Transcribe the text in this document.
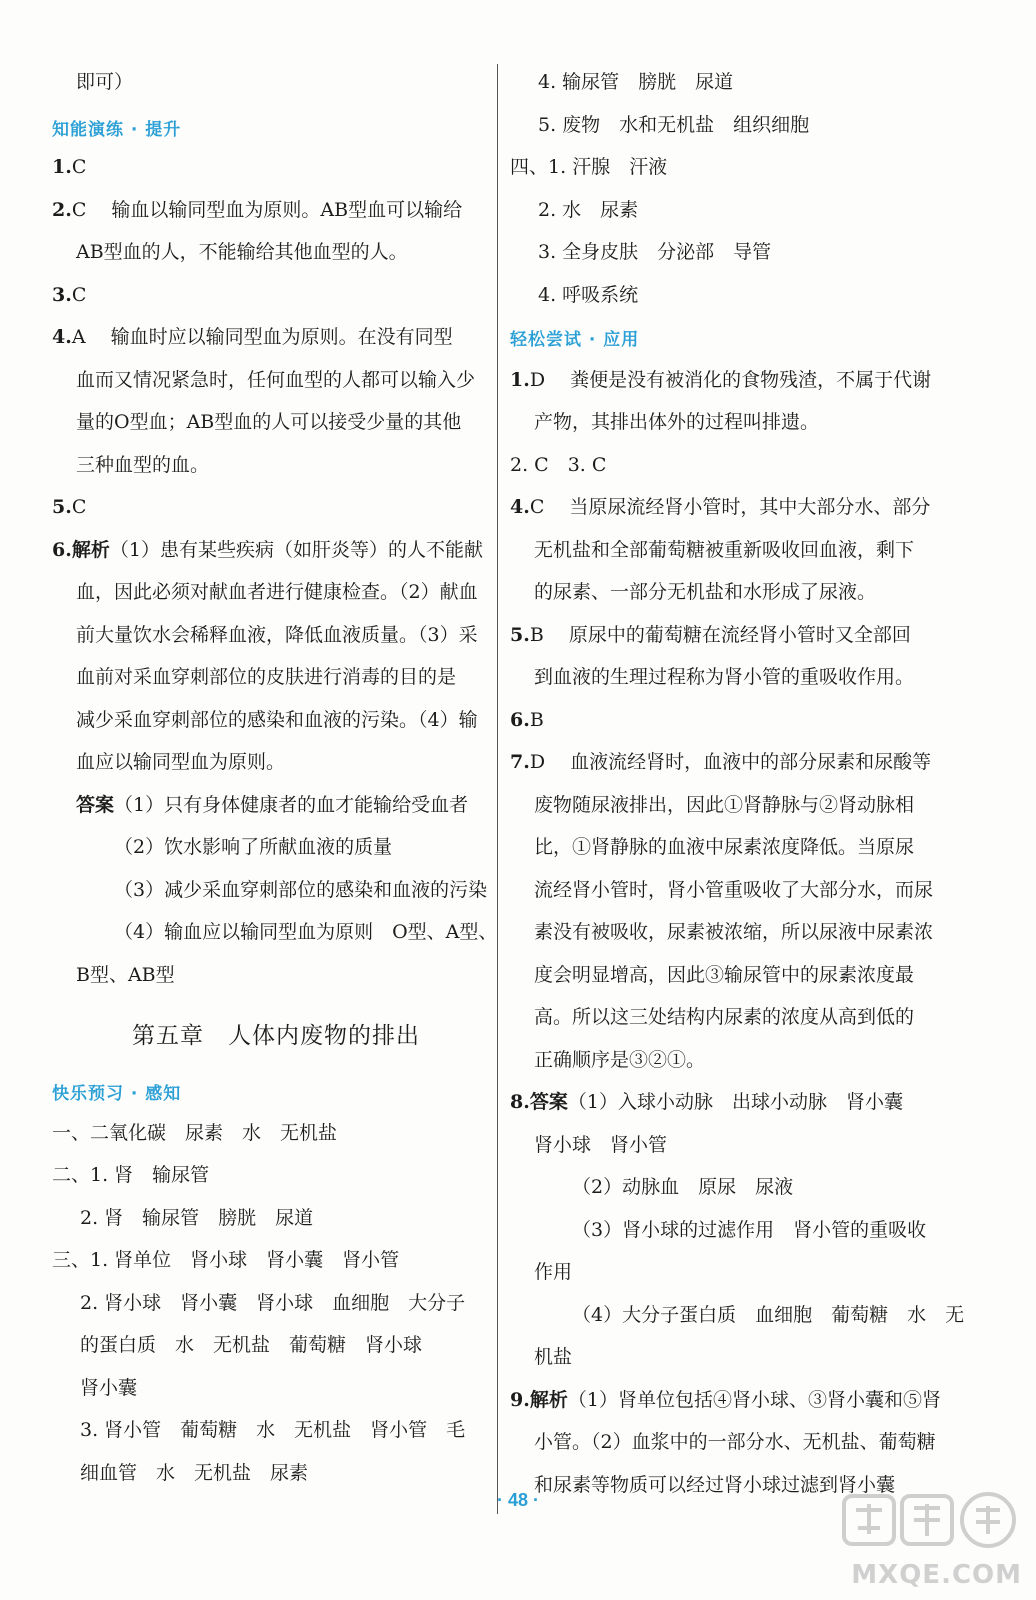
即可）
知能演练 · 提升
1.C
2.C　 输血以输同型血为原则。AB型血可以输给
AB型血的人，不能输给其他血型的人。
3.C
4.A　 输血时应以输同型血为原则。在没有同型
血而又情况紧急时，任何血型的人都可以输入少
量的O型血；AB型血的人可以接受少量的其他
三种血型的血。
5.C
6.解析（1）患有某些疾病（如肝炎等）的人不能献
血，因此必须对献血者进行健康检查。（2）献血
前大量饮水会稀释血液，降低血液质量。（3）采
血前对采血穿刺部位的皮肤进行消毒的目的是
减少采血穿刺部位的感染和血液的污染。（4）输
血应以输同型血为原则。
答案（1）只有身体健康者的血才能输给受血者
（2）饮水影响了所献血液的质量
（3）减少采血穿刺部位的感染和血液的污染
（4）输血应以输同型血为原则　O型、A型、
B型、AB型
第五章　人体内废物的排出
快乐预习 · 感知
一、二氧化碳　尿素　水　无机盐
二、1. 肾　输尿管
2. 肾　输尿管　膀胱　尿道
三、1. 肾单位　肾小球　肾小囊　肾小管
2. 肾小球　肾小囊　肾小球　血细胞　大分子
的蛋白质　水　无机盐　葡萄糖　肾小球
肾小囊
3. 肾小管　葡萄糖　水　无机盐　肾小管　毛
细血管　水　无机盐　尿素
4. 输尿管　膀胱　尿道
5. 废物　水和无机盐　组织细胞
四、1. 汗腺　汗液
2. 水　尿素
3. 全身皮肤　分泌部　导管
4. 呼吸系统
轻松尝试 · 应用
1.D　 粪便是没有被消化的食物残渣，不属于代谢
产物，其排出体外的过程叫排遗。
2. C　3. C
4.C　 当原尿流经肾小管时，其中大部分水、部分
无机盐和全部葡萄糖被重新吸收回血液，剩下
的尿素、一部分无机盐和水形成了尿液。
5.B　 原尿中的葡萄糖在流经肾小管时又全部回
到血液的生理过程称为肾小管的重吸收作用。
6.B
7.D　 血液流经肾时，血液中的部分尿素和尿酸等
废物随尿液排出，因此①肾静脉与②肾动脉相
比，①肾静脉的血液中尿素浓度降低。当原尿
流经肾小管时，肾小管重吸收了大部分水，而尿
素没有被吸收，尿素被浓缩，所以尿液中尿素浓
度会明显增高，因此③输尿管中的尿素浓度最
高。所以这三处结构内尿素的浓度从高到低的
正确顺序是③②①。
8.答案（1）入球小动脉　出球小动脉　肾小囊
肾小球　肾小管
（2）动脉血　原尿　尿液
（3）肾小球的过滤作用　肾小管的重吸收
作用
（4）大分子蛋白质　血细胞　葡萄糖　水　无
机盐
9.解析（1）肾单位包括④肾小球、③肾小囊和⑤肾
小管。（2）血浆中的一部分水、无机盐、葡萄糖
和尿素等物质可以经过肾小球过滤到肾小囊
· 48 ·
MXQE.COM
